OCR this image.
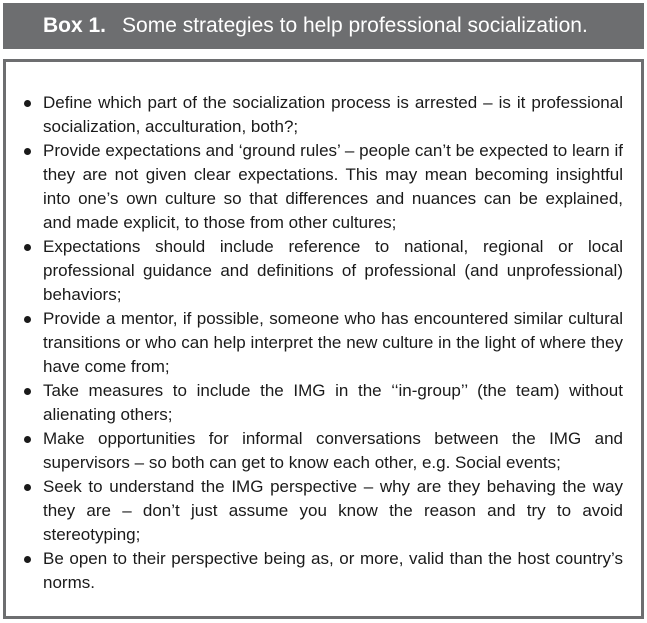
Box 1. Some strategies to help professional socialization.
Define which part of the socialization process is arrested – is it professional socialization, acculturation, both?;
Provide expectations and ‘ground rules’ – people can’t be expected to learn if they are not given clear expectations. This may mean becoming insightful into one’s own culture so that differences and nuances can be explained, and made explicit, to those from other cultures;
Expectations should include reference to national, regional or local professional guidance and definitions of professional (and unprofessional) behaviors;
Provide a mentor, if possible, someone who has encountered similar cultural transitions or who can help interpret the new culture in the light of where they have come from;
Take measures to include the IMG in the ‘‘in-group’’ (the team) without alienating others;
Make opportunities for informal conversations between the IMG and supervisors – so both can get to know each other, e.g. Social events;
Seek to understand the IMG perspective – why are they behaving the way they are – don’t just assume you know the reason and try to avoid stereotyping;
Be open to their perspective being as, or more, valid than the host country’s norms.
